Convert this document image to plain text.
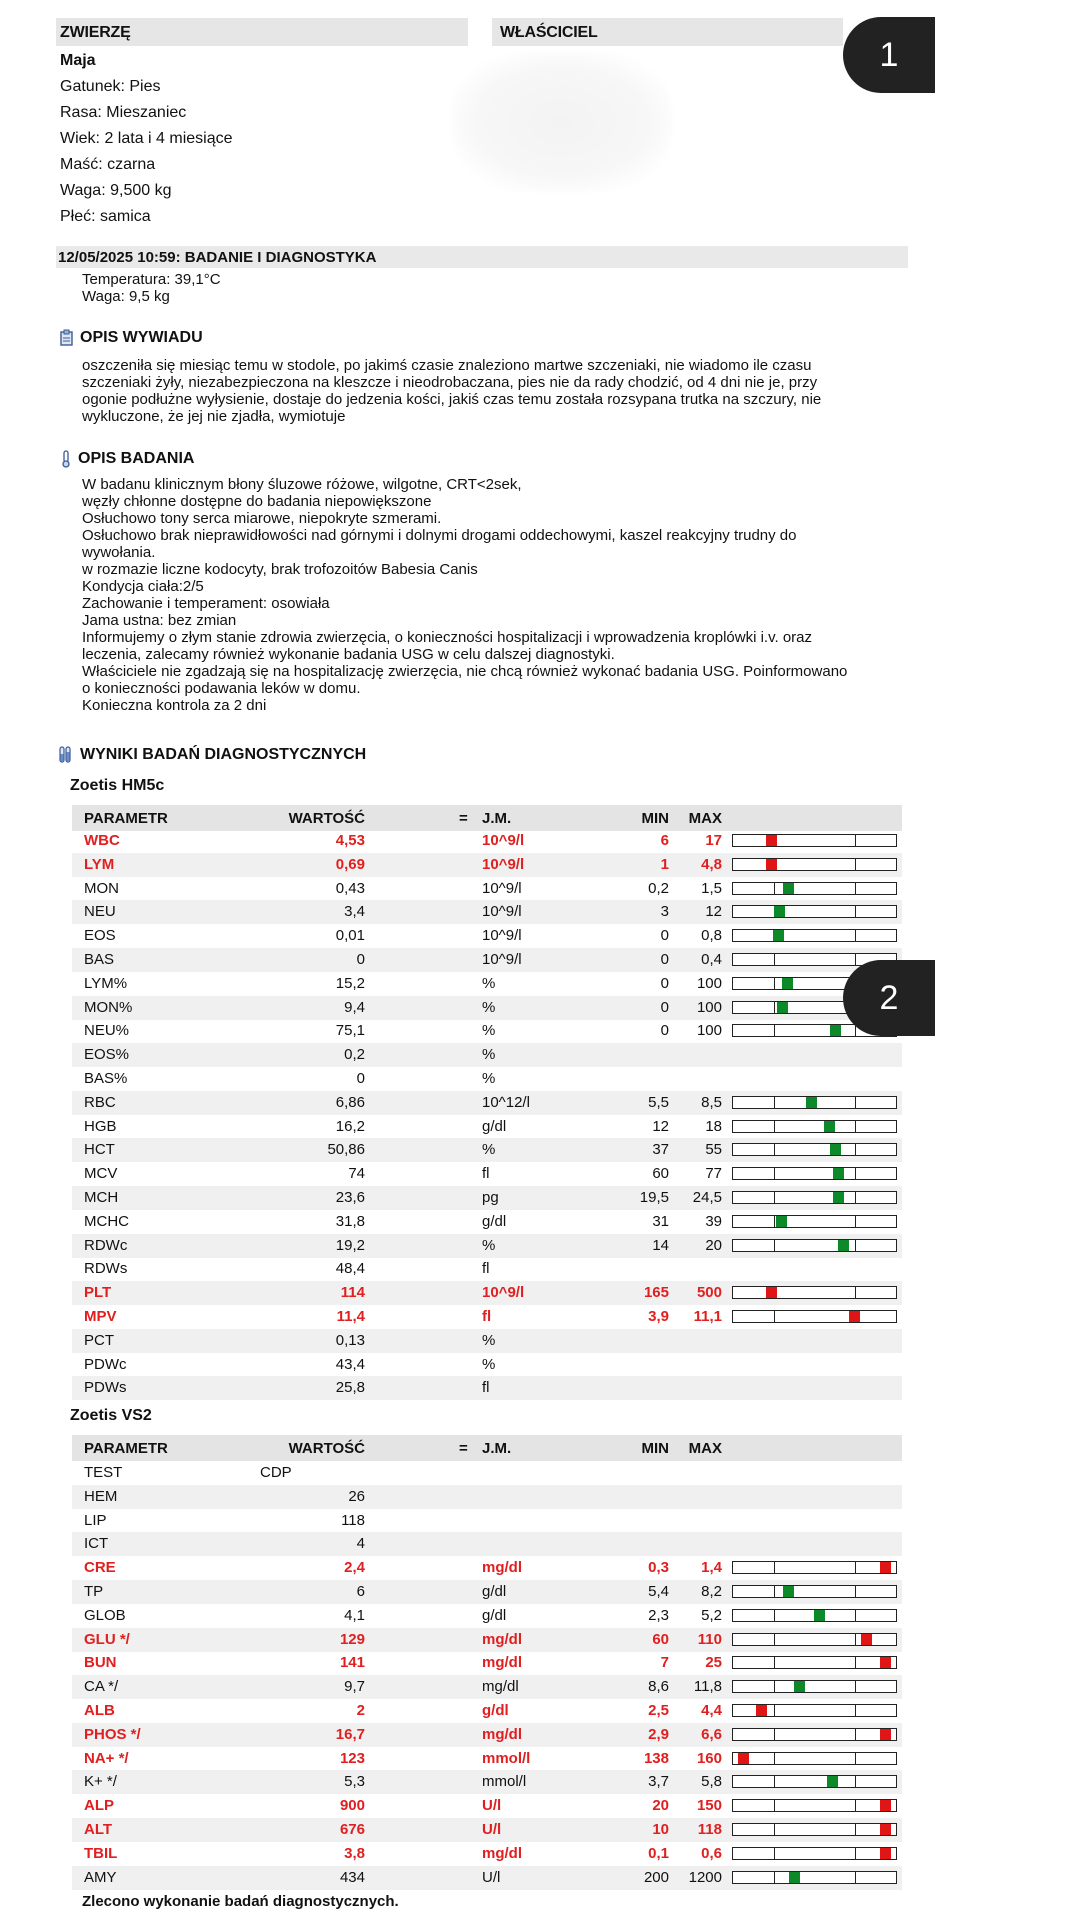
ZWIERZĘ	WŁAŚCICIEL
Maja
Gatunek: Pies
Rasa: Mieszaniec
Wiek: 2 lata i 4 miesiące
Maść: czarna
Waga: 9,500 kg
Płeć: samica
1
12/05/2025 10:59: BADANIE I DIAGNOSTYKA
Temperatura: 39,1°C
Waga: 9,5 kg
OPIS WYWIADU
oszczeniła się miesiąc temu w stodole, po jakimś czasie znaleziono martwe szczeniaki, nie wiadomo ile czasu
szczeniaki żyły, niezabezpieczona na kleszcze i nieodrobaczana, pies nie da rady chodzić, od 4 dni nie je, przy
ogonie podłużne wyłysienie, dostaje do jedzenia kości, jakiś czas temu została rozsypana trutka na szczury, nie
wykluczone, że jej nie zjadła, wymiotuje
OPIS BADANIA
W badanu klinicznym błony śluzowe różowe, wilgotne, CRT<2sek,
węzły chłonne dostępne do badania niepowiększone
Osłuchowo tony serca miarowe, niepokryte szmerami.
Osłuchowo brak nieprawidłowości nad górnymi i dolnymi drogami oddechowymi, kaszel reakcyjny trudny do
wywołania.
w rozmazie liczne kodocyty, brak trofozoitów Babesia Canis
Kondycja ciała:2/5
Zachowanie i temperament: osowiała
Jama ustna: bez zmian
Informujemy o złym stanie zdrowia zwierzęcia, o konieczności hospitalizacji i wprowadzenia kroplówki i.v. oraz
leczenia, zalecamy również wykonanie badania USG w celu dalszej diagnostyki.
Właściciele nie zgadzają się na hospitalizację zwierzęcia, nie chcą również wykonać badania USG. Poinformowano
o konieczności podawania leków w domu.
Konieczna kontrola za 2 dni
WYNIKI BADAŃ DIAGNOSTYCZNYCH
Zoetis HM5c
PARAMETR	WARTOŚĆ	= J.M.	MIN MAX
WBC	4,53	10^9/l	6 17
LYM	0,69	10^9/l	1 4,8
MON	0,43	10^9/l	0,2 1,5
NEU	3,4	10^9/l	3 12
EOS	0,01	10^9/l	0 0,8
BAS	0	10^9/l	0 0,4
LYM%	15,2	%	0 100
MON%	9,4	%	0 100
NEU%	75,1	%	0 100
EOS%	0,2	%
BAS%	0	%
RBC	6,86	10^12/l	5,5 8,5
HGB	16,2	g/dl	12 18
HCT	50,86	%	37 55
MCV	74	fl	60 77
MCH	23,6	pg	19,5 24,5
MCHC	31,8	g/dl	31 39
RDWc	19,2	%	14 20
RDWs	48,4	fl
PLT	114	10^9/l	165 500
MPV	11,4	fl	3,9 11,1
PCT	0,13	%
PDWc	43,4	%
PDWs	25,8	fl
2
Zoetis VS2
PARAMETR	WARTOŚĆ	= J.M.	MIN MAX
TEST	CDP
HEM	26
LIP	118
ICT	4
CRE	2,4	mg/dl	0,3 1,4
TP	6	g/dl	5,4 8,2
GLOB	4,1	g/dl	2,3 5,2
GLU */	129	mg/dl	60 110
BUN	141	mg/dl	7 25
CA */	9,7	mg/dl	8,6 11,8
ALB	2	g/dl	2,5 4,4
PHOS */	16,7	mg/dl	2,9 6,6
NA+ */	123	mmol/l	138 160
K+ */	5,3	mmol/l	3,7 5,8
ALP	900	U/l	20 150
ALT	676	U/l	10 118
TBIL	3,8	mg/dl	0,1 0,6
AMY	434	U/l	200 1200
Zlecono wykonanie badań diagnostycznych.
